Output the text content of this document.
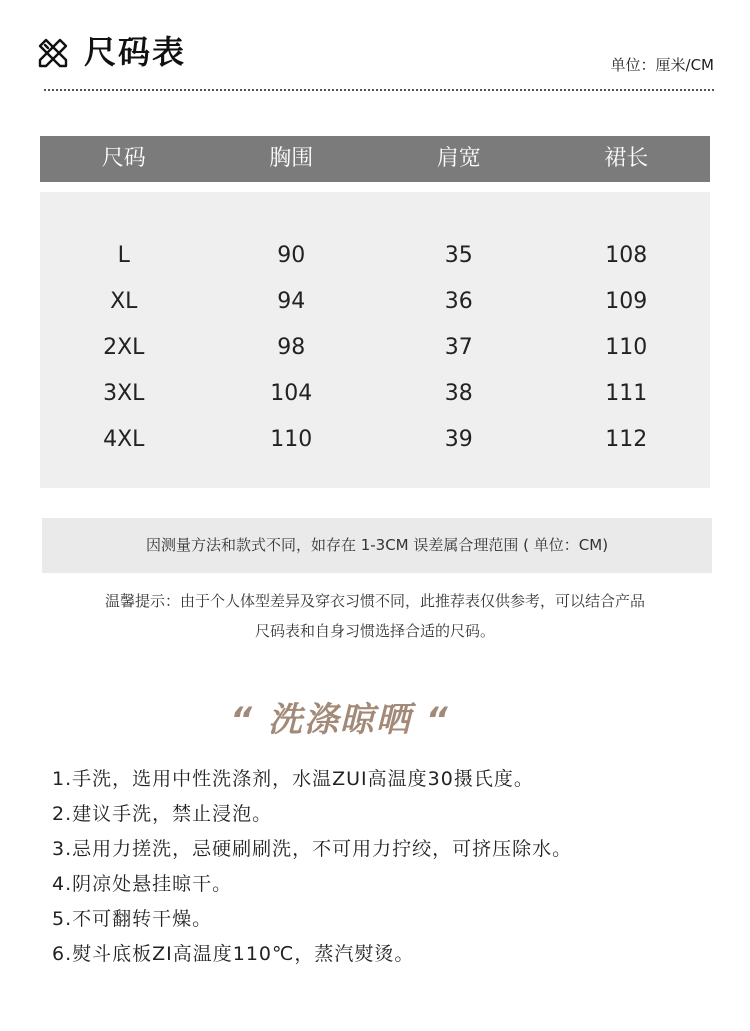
尺码表	单位：厘米/CM
尺码	胸围	肩宽	裙长
L	90	35	108
XL	94	36	109
2XL	98	37	110
3XL	104	38	111
4XL	110	39	112
因测量方法和款式不同，如存在 1-3CM 误差属合理范围 ( 单位：CM)
温馨提示：由于个人体型差异及穿衣习惯不同，此推荐表仅供参考，可以结合产品
尺码表和自身习惯选择合适的尺码。
“ 洗涤晾晒 “
1.手洗，选用中性洗涤剂，水温ZUI高温度30摄氏度。
2.建议手洗，禁止浸泡。
3.忌用力搓洗，忌硬刷刷洗，不可用力拧绞，可挤压除水。
4.阴凉处悬挂晾干。
5.不可翻转干燥。
6.熨斗底板ZI高温度110℃，蒸汽熨烫。
